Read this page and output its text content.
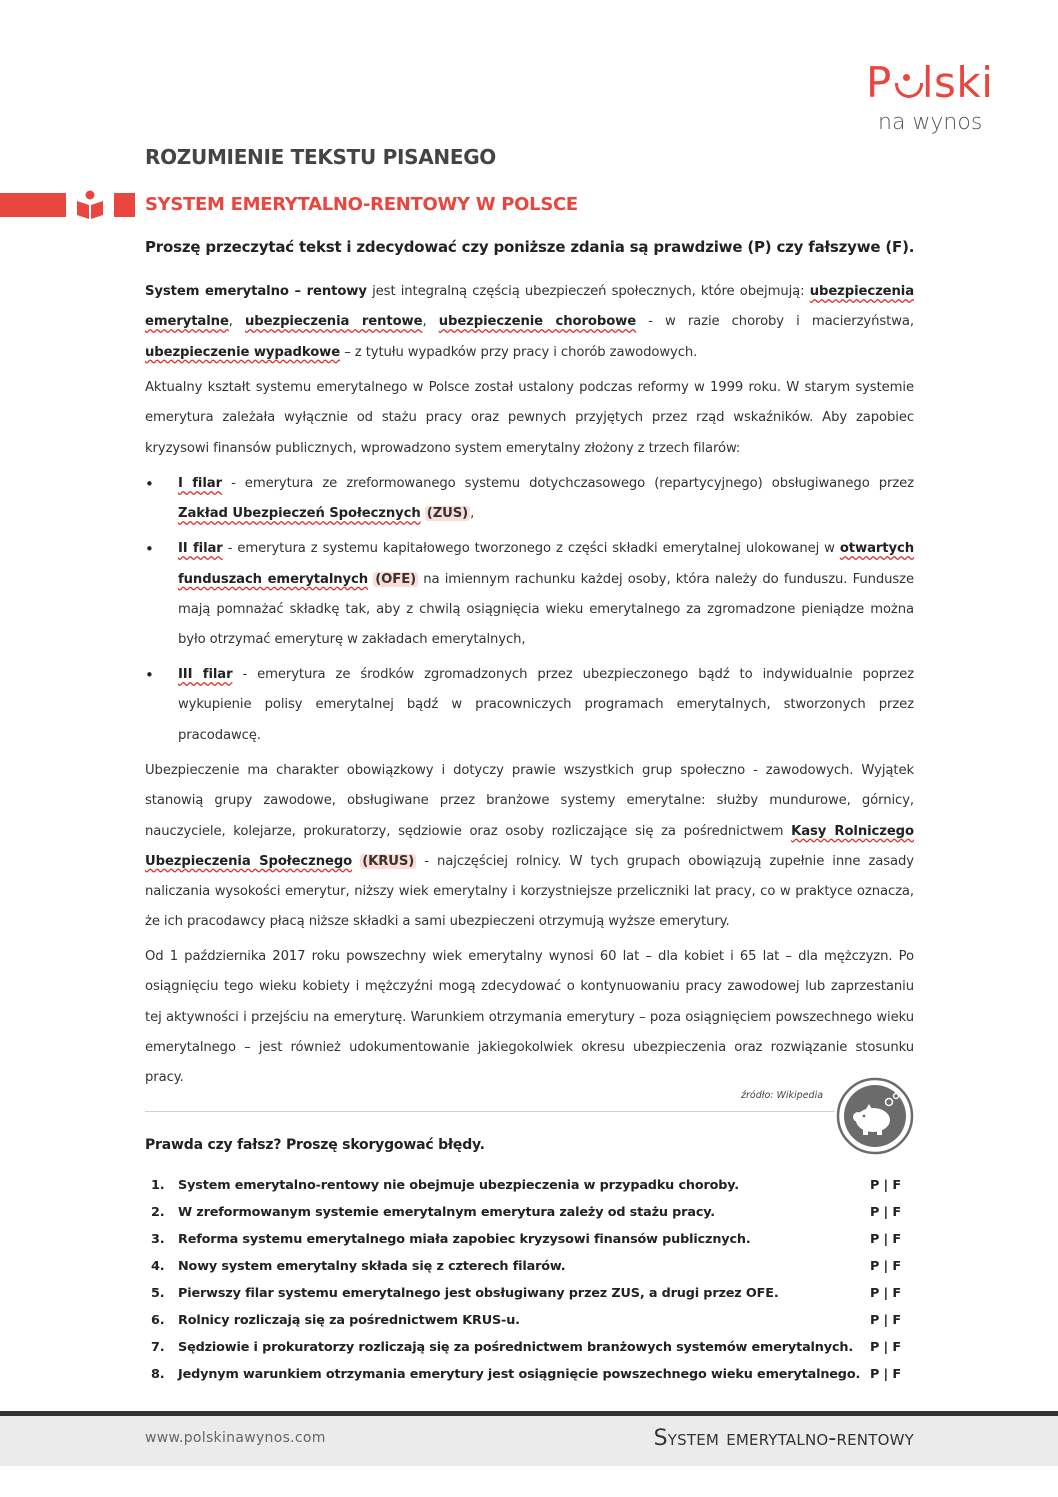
P lski
na wynos
ROZUMIENIE TEKSTU PISANEGO
SYSTEM EMERYTALNO-RENTOWY W POLSCE
Proszę przeczytać tekst i zdecydować czy poniższe zdania są prawdziwe (P) czy fałszywe (F).

System emerytalno – rentowy jest integralną częścią ubezpieczeń społecznych, które obejmują: ubezpieczenia emerytalne, ubezpieczenia rentowe, ubezpieczenie chorobowe - w razie choroby i macierzyństwa, ubezpieczenie wypadkowe – z tytułu wypadków przy pracy i chorób zawodowych.

Aktualny kształt systemu emerytalnego w Polsce został ustalony podczas reformy w 1999 roku. W starym systemie emerytura zależała wyłącznie od stażu pracy oraz pewnych przyjętych przez rząd wskaźników. Aby zapobiec kryzysowi finansów publicznych, wprowadzono system emerytalny złożony z trzech filarów:

• I filar - emerytura ze zreformowanego systemu dotychczasowego (repartycyjnego) obsługiwanego przez Zakład Ubezpieczeń Społecznych (ZUS) ,
• II filar - emerytura z systemu kapitałowego tworzonego z części składki emerytalnej ulokowanej w otwartych funduszach emerytalnych (OFE) na imiennym rachunku każdej osoby, która należy do funduszu. Fundusze mają pomnażać składkę tak, aby z chwilą osiągnięcia wieku emerytalnego za zgromadzone pieniądze można było otrzymać emeryturę w zakładach emerytalnych,
• III filar - emerytura ze środków zgromadzonych przez ubezpieczonego bądź to indywidualnie poprzez wykupienie polisy emerytalnej bądź w pracowniczych programach emerytalnych, stworzonych przez pracodawcę.

Ubezpieczenie ma charakter obowiązkowy i dotyczy prawie wszystkich grup społeczno - zawodowych. Wyjątek stanowią grupy zawodowe, obsługiwane przez branżowe systemy emerytalne: służby mundurowe, górnicy, nauczyciele, kolejarze, prokuratorzy, sędziowie oraz osoby rozliczające się za pośrednictwem Kasy Rolniczego Ubezpieczenia Społecznego (KRUS) - najczęściej rolnicy. W tych grupach obowiązują zupełnie inne zasady naliczania wysokości emerytur, niższy wiek emerytalny i korzystniejsze przeliczniki lat pracy, co w praktyce oznacza, że ich pracodawcy płacą niższe składki a sami ubezpieczeni otrzymują wyższe emerytury.

Od 1 października 2017 roku powszechny wiek emerytalny wynosi 60 lat – dla kobiet i 65 lat – dla mężczyzn. Po osiągnięciu tego wieku kobiety i mężczyźni mogą zdecydować o kontynuowaniu pracy zawodowej lub zaprzestaniu tej aktywności i przejściu na emeryturę. Warunkiem otrzymania emerytury – poza osiągnięciem powszechnego wieku emerytalnego – jest również udokumentowanie jakiegokolwiek okresu ubezpieczenia oraz rozwiązanie stosunku pracy.

źródło: Wikipedia
Prawda czy fałsz? Proszę skorygować błędy.
1. System emerytalno-rentowy nie obejmuje ubezpieczenia w przypadku choroby.	P | F
2. W zreformowanym systemie emerytalnym emerytura zależy od stażu pracy.	P | F
3. Reforma systemu emerytalnego miała zapobiec kryzysowi finansów publicznych.	P | F
4. Nowy system emerytalny składa się z czterech filarów.	P | F
5. Pierwszy filar systemu emerytalnego jest obsługiwany przez ZUS, a drugi przez OFE.	P | F
6. Rolnicy rozliczają się za pośrednictwem KRUS-u.	P | F
7. Sędziowie i prokuratorzy rozliczają się za pośrednictwem branżowych systemów emerytalnych. P | F
8. Jedynym warunkiem otrzymania emerytury jest osiągnięcie powszechnego wieku emerytalnego. P | F
www.polskinawynos.com	System emerytalno-rentowy
